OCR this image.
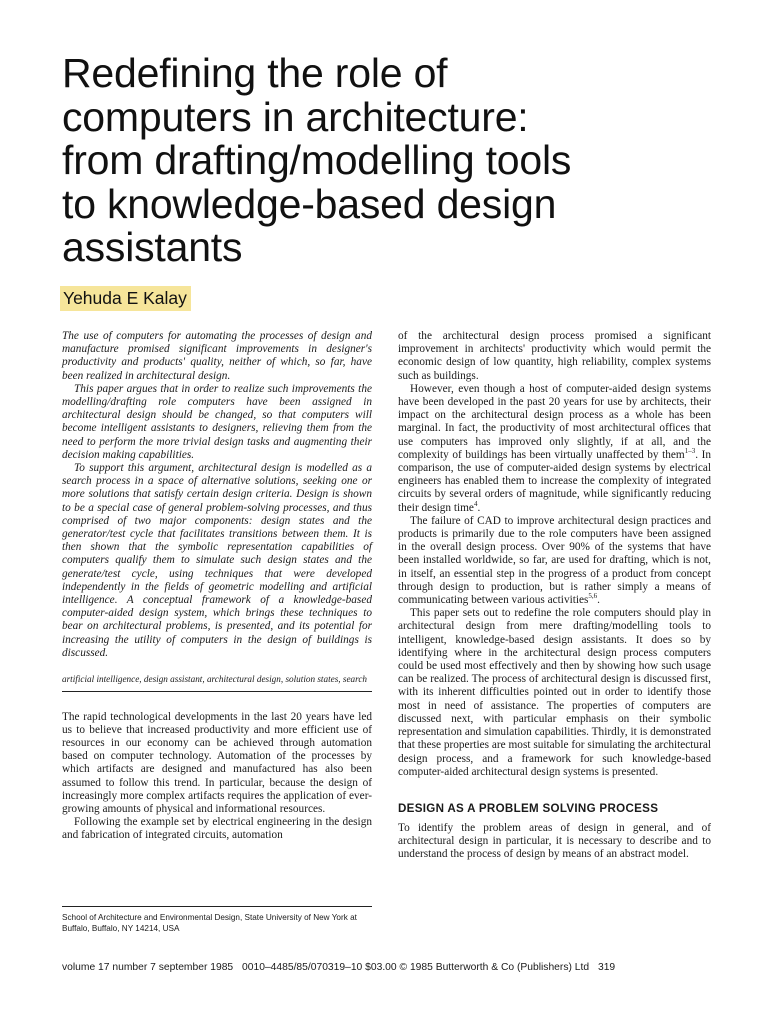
Redefining the role of
computers in architecture:
from drafting/modelling tools
to knowledge-based design
assistants
Yehuda E Kalay

The use of computers for automating the processes of design and manufacture promised significant improvements in designer's productivity and products' quality, neither of which, so far, have been realized in architectural design.

This paper argues that in order to realize such improvements the modelling/drafting role computers have been assigned in architectural design should be changed, so that computers will become intelligent assistants to designers, relieving them from the need to perform the more trivial design tasks and augmenting their decision making capabilities.

To support this argument, architectural design is modelled as a search process in a space of alternative solutions, seeking one or more solutions that satisfy certain design criteria. Design is shown to be a special case of general problem-solving processes, and thus comprised of two major components: design states and the generator/test cycle that facilitates transitions between them. It is then shown that the symbolic representation capabilities of computers qualify them to simulate such design states and the generate/test cycle, using techniques that were developed independently in the fields of geometric modelling and artificial intelligence. A conceptual framework of a knowledge-based computer-aided design system, which brings these techniques to bear on architectural problems, is presented, and its potential for increasing the utility of computers in the design of buildings is discussed.

artificial intelligence, design assistant, architectural design, solution states, search

The rapid technological developments in the last 20 years have led us to believe that increased productivity and more efficient use of resources in our economy can be achieved through automation based on computer technology. Automation of the processes by which artifacts are designed and manufactured has also been assumed to follow this trend. In particular, because the design of increasingly more complex artifacts requires the application of ever-growing amounts of physical and informational resources.

Following the example set by electrical engineering in the design and fabrication of integrated circuits, automation

School of Architecture and Environmental Design, State University of New York at Buffalo, Buffalo, NY 14214, USA

of the architectural design process promised a significant improvement in architects' productivity which would permit the economic design of low quantity, high reliability, complex systems such as buildings.

However, even though a host of computer-aided design systems have been developed in the past 20 years for use by architects, their impact on the architectural design process as a whole has been marginal. In fact, the productivity of most architectural offices that use computers has improved only slightly, if at all, and the complexity of buildings has been virtually unaffected by them$^{1-3}$. In comparison, the use of computer-aided design systems by electrical engineers has enabled them to increase the complexity of integrated circuits by several orders of magnitude, while significantly reducing their design time$^4$.

The failure of CAD to improve architectural design practices and products is primarily due to the role computers have been assigned in the overall design process. Over 90% of the systems that have been installed worldwide, so far, are used for drafting, which is not, in itself, an essential step in the progress of a product from concept through design to production, but is rather simply a means of communicating between various activities$^{5,6}$.

This paper sets out to redefine the role computers should play in architectural design from mere drafting/modelling tools to intelligent, knowledge-based design assistants. It does so by identifying where in the architectural design process computers could be used most effectively and then by showing how such usage can be realized. The process of architectural design is discussed first, with its inherent difficulties pointed out in order to identify those most in need of assistance. The properties of computers are discussed next, with particular emphasis on their symbolic representation and simulation capabilities. Thirdly, it is demonstrated that these properties are most suitable for simulating the architectural design process, and a framework for such knowledge-based computer-aided architectural design systems is presented.

DESIGN AS A PROBLEM SOLVING PROCESS

To identify the problem areas of design in general, and of architectural design in particular, it is necessary to describe and to understand the process of design by means of an abstract model.

volume 17 number 7 september 1985 0010–4485/85/070319–10 $03.00 © 1985 Butterworth & Co (Publishers) Ltd 319
